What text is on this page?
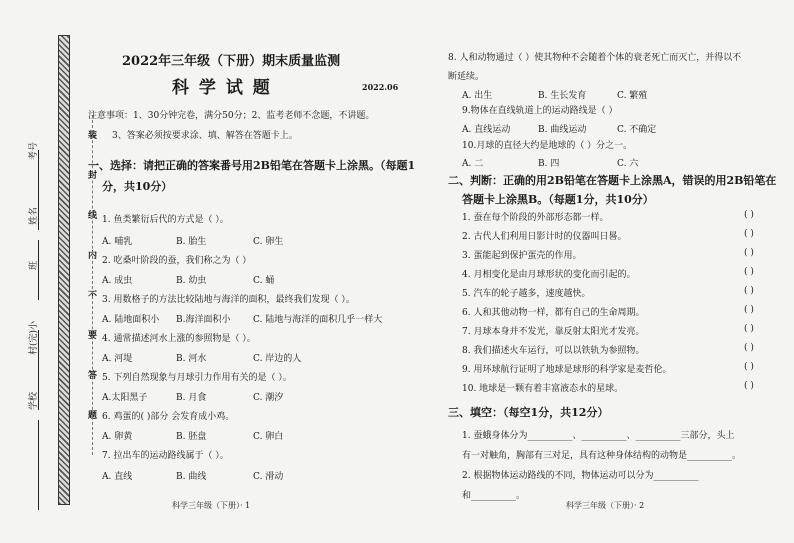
考号
姓名
班
村(完)小
学校
装
封
线
内
不
要
答
题
2022年三年级（下册）期末质量监测
科 学 试 题	2022.06
注意事项：1、30分钟完卷，满分50分；2、监考老师不念题，不讲题。
3、答案必须按要求涂、填、解答在答题卡上。
一、选择：请把正确的答案番号用2B铅笔在答题卡上涂黑。（每题1
分，共10分）
1. 鱼类繁衍后代的方式是（ ）。
A. 哺乳	B. 胎生	C. 卵生
2. 吃桑叶阶段的蚕，我们称之为（ ）
A. 成虫	B. 幼虫	C. 蛹
3. 用数格子的方法比较陆地与海洋的面积，最终我们发现（ ）。
A. 陆地面积小 B.海洋面积小	C. 陆地与海洋的面积几乎一样大
4. 通常描述河水上涨的参照物是（ ）。
A. 河堤	B. 河水	C. 岸边的人
5. 下列自然现象与月球引力作用有关的是（ ）。
A.太阳黑子	B. 月食	C. 潮汐
6. 鸡蛋的( )部分 会发育成小鸡。
A. 卵黄	B. 胚盘	C. 卵白
7. 拉出车的运动路线属于（ ）。
A. 直线	B. 曲线	C. 滑动
科学三年级（下册）· 1
8. 人和动物通过（ ）使其物种不会随着个体的衰老死亡而灭亡，并得以不
断延续。
A. 出生	B. 生长发育	C. 繁殖
9.物体在直线轨道上的运动路线是（ ）
A. 直线运动	B. 曲线运动	C. 不确定
10.月球的直径大约是地球的（ ）分之一。
A. 二	B. 四	C. 六
二、判断：正确的用2B铅笔在答题卡上涂黑A，错误的用2B铅笔在
答题卡上涂黑B。（每题1分，共10分）
1. 蚕在每个阶段的外部形态都一样。	( )
2. 古代人们利用日影计时的仪器叫日晷。	( )
3. 蛋能起到保护蛋壳的作用。	( )
4. 月相变化是由月球形状的变化而引起的。	( )
5. 汽车的轮子越多，速度越快。	( )
6. 人和其他动物一样，都有自己的生命周期。	( )
7. 月球本身并不发光，靠反射太阳光才发亮。	( )
8. 我们描述火车运行，可以以铁轨为参照物。	( )
9. 用环球航行证明了地球是球形的科学家是麦哲伦。	( )
10. 地球是一颗有着丰富液态水的星球。	( )
三、填空：（每空1分，共12分）
1. 蚕蛾身体分为__________、__________、__________三部分，头上
有一对触角，胸部有三对足，具有这种身体结构的动物是__________。
2. 根据物体运动路线的不同，物体运动可以分为__________
和__________。
科学三年级（下册）· 2
